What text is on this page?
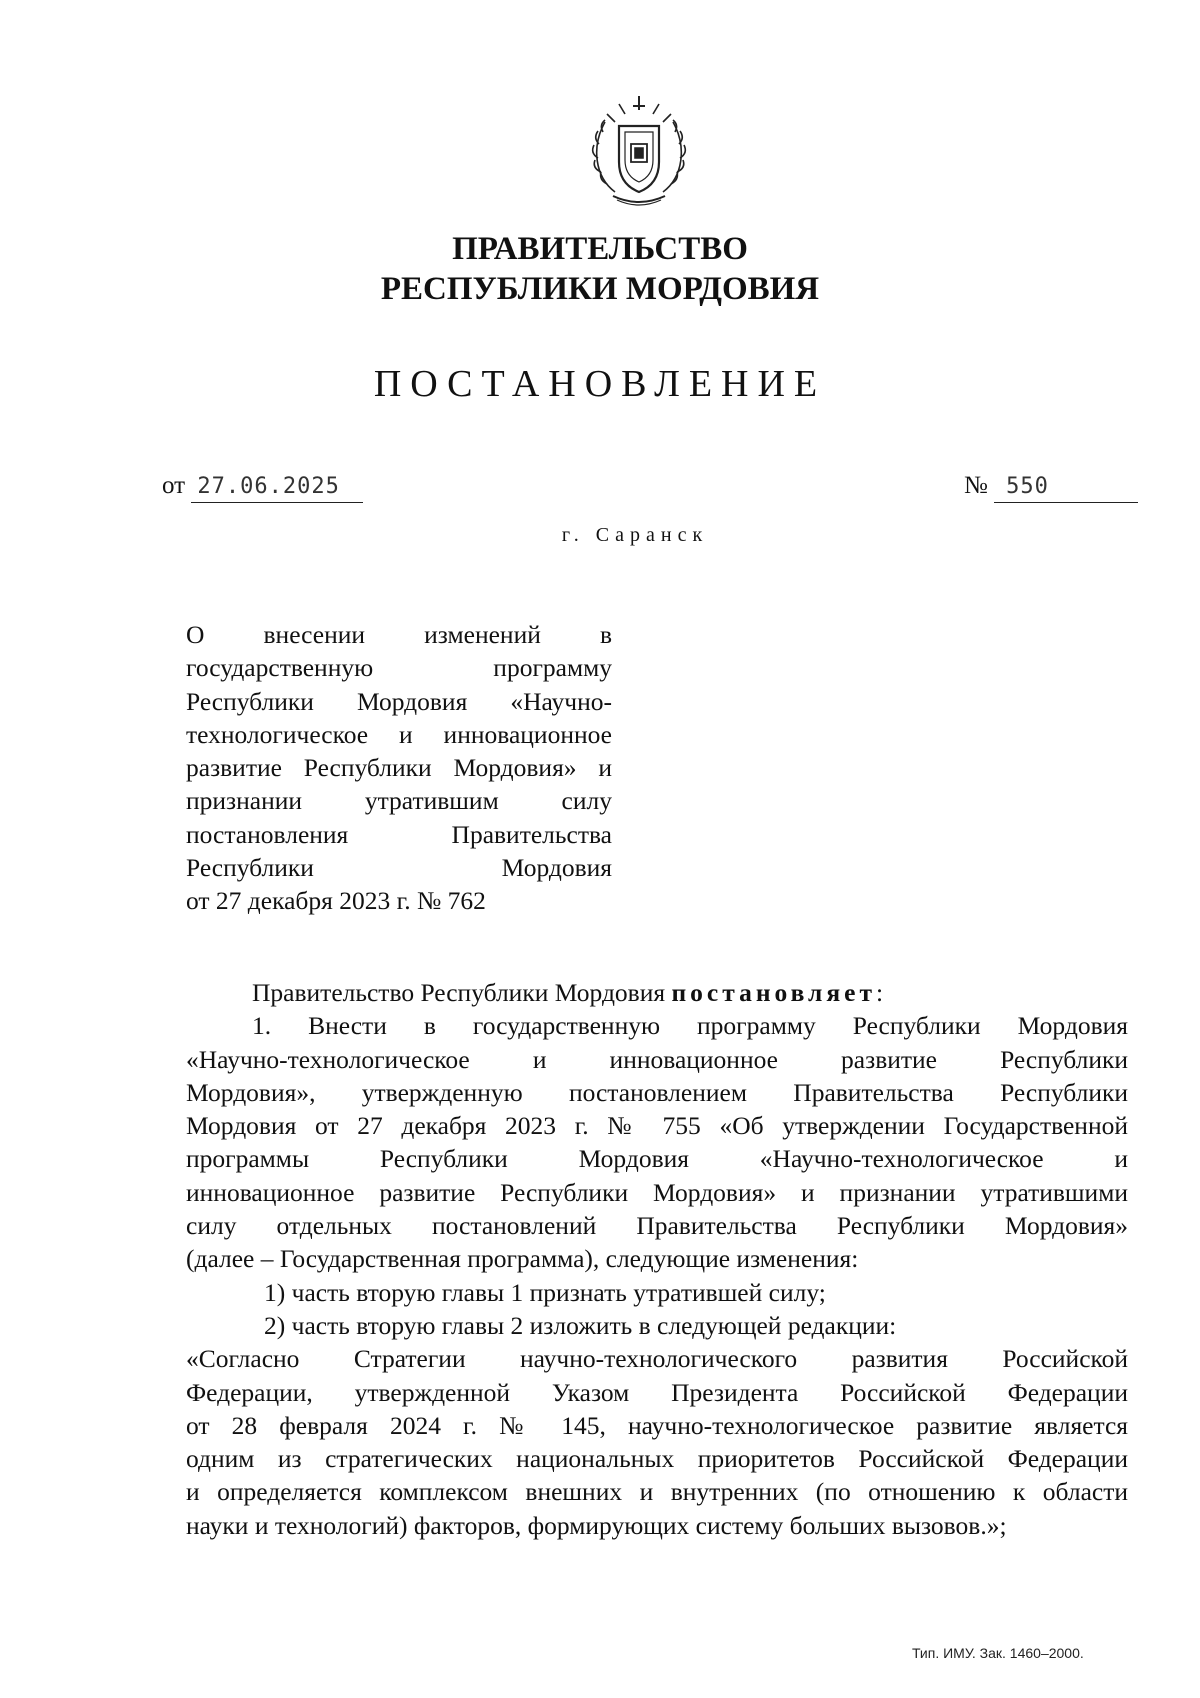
ПРАВИТЕЛЬСТВО
РЕСПУБЛИКИ МОРДОВИЯ
ПОСТАНОВЛЕНИЕ
от 27.06.2025	№ 550
г. Саранск
О внесении изменений в
государственную программу
Республики Мордовия «Научно-
технологическое и инновационное
развитие Республики Мордовия» и
признании утратившим силу
постановления Правительства
Республики Мордовия
от 27 декабря 2023 г. № 762
Правительство Республики Мордовия постановляет:
1. Внести в государственную программу Республики Мордовия
«Научно-технологическое и инновационное развитие Республики
Мордовия», утвержденную постановлением Правительства Республики
Мордовия от 27 декабря 2023 г. № 755 «Об утверждении Государственной
программы Республики Мордовия «Научно-технологическое и
инновационное развитие Республики Мордовия» и признании утратившими
силу отдельных постановлений Правительства Республики Мордовия»
(далее – Государственная программа), следующие изменения:
1) часть вторую главы 1 признать утратившей силу;
2) часть вторую главы 2 изложить в следующей редакции:
«Согласно Стратегии научно-технологического развития Российской
Федерации, утвержденной Указом Президента Российской Федерации
от 28 февраля 2024 г. № 145, научно-технологическое развитие является
одним из стратегических национальных приоритетов Российской Федерации
и определяется комплексом внешних и внутренних (по отношению к области
науки и технологий) факторов, формирующих систему больших вызовов.»;
Тип. ИМУ. Зак. 1460–2000.
